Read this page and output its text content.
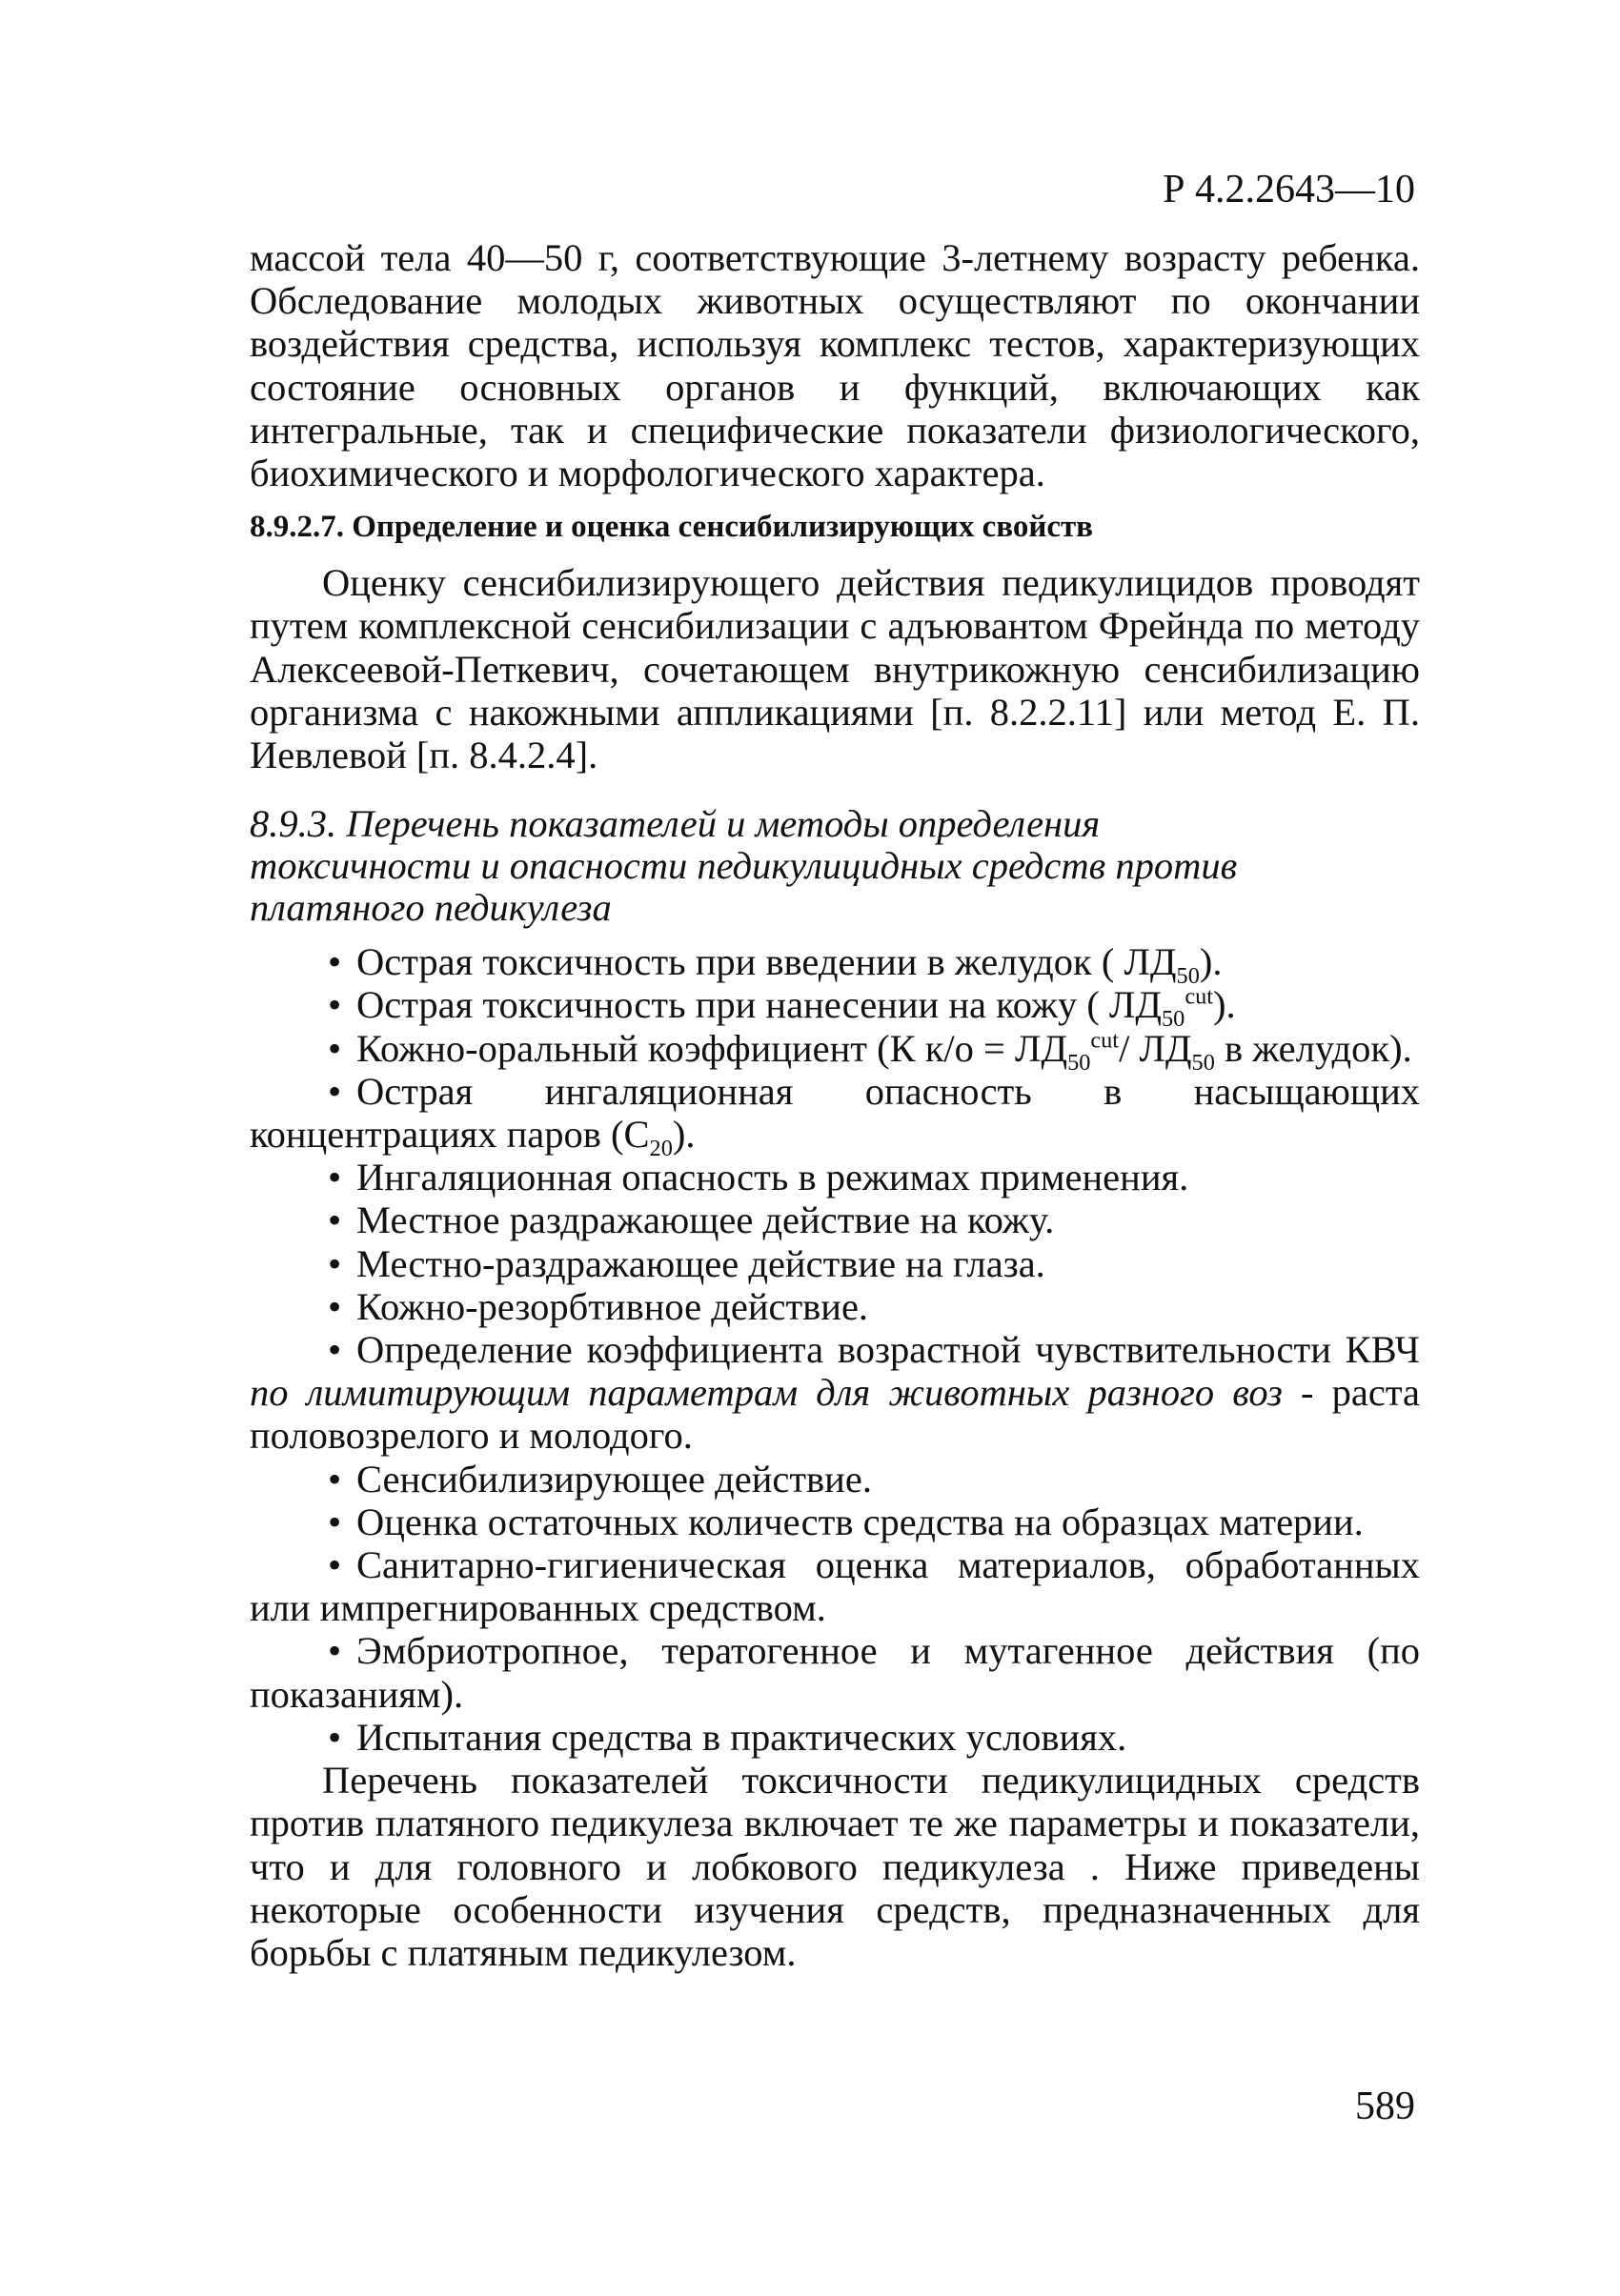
Р 4.2.2643—10

массой тела 40—50 г, соответствующие 3-летнему возрасту ребенка. Обследование молодых животных осуществляют по окончании воздействия средства, используя комплекс тестов, характеризующих состояние основных органов и функций, включающих как интегральные, так и специфические показатели физиологического, биохимического и морфологического характера.

8.9.2.7. Определение и оценка сенсибилизирующих свойств

Оценку сенсибилизирующего действия педикулицидов проводят путем комплексной сенсибилизации с адъювантом Фрейнда по методу Алексеевой-Петкевич, сочетающем внутрикожную сенсибилизацию организма с накожными аппликациями [п. 8.2.2.11] или метод Е. П. Иевлевой [п. 8.4.2.4].

8.9.3. Перечень показателей и методы определения
токсичности и опасности педикулицидных средств против
платяного педикулеза

• Острая токсичность при введении в желудок ( $ЛД_{50}$).
• Острая токсичность при нанесении на кожу ( $ЛД_{50}^{cut}$).
• Кожно-оральный коэффициент (К $к/о = ЛД_{50}^{cut}/$ $ЛД_{50}$ в желудок).
• Острая ингаляционная опасность в насыщающих концентрациях паров $(С_{20})$.
• Ингаляционная опасность в режимах применения.
• Местное раздражающее действие на кожу.
• Местно-раздражающее действие на глаза.
• Кожно-резорбтивное действие.
• Определение коэффициента возрастной чувствительности КВЧ по лимитирующим параметрам для животных разного воз - раста половозрелого и молодого.
• Сенсибилизирующее действие.
• Оценка остаточных количеств средства на образцах материи.
• Санитарно-гигиеническая оценка материалов, обработанных или импрегнированных средством.
• Эмбриотропное, тератогенное и мутагенное действия (по показаниям).
• Испытания средства в практических условиях.

Перечень показателей токсичности педикулицидных средств против платяного педикулеза включает те же параметры и показатели, что и для головного и лобкового педикулеза . Ниже приведены некоторые особенности изучения средств, предназначенных для борьбы с платяным педикулезом.

589
